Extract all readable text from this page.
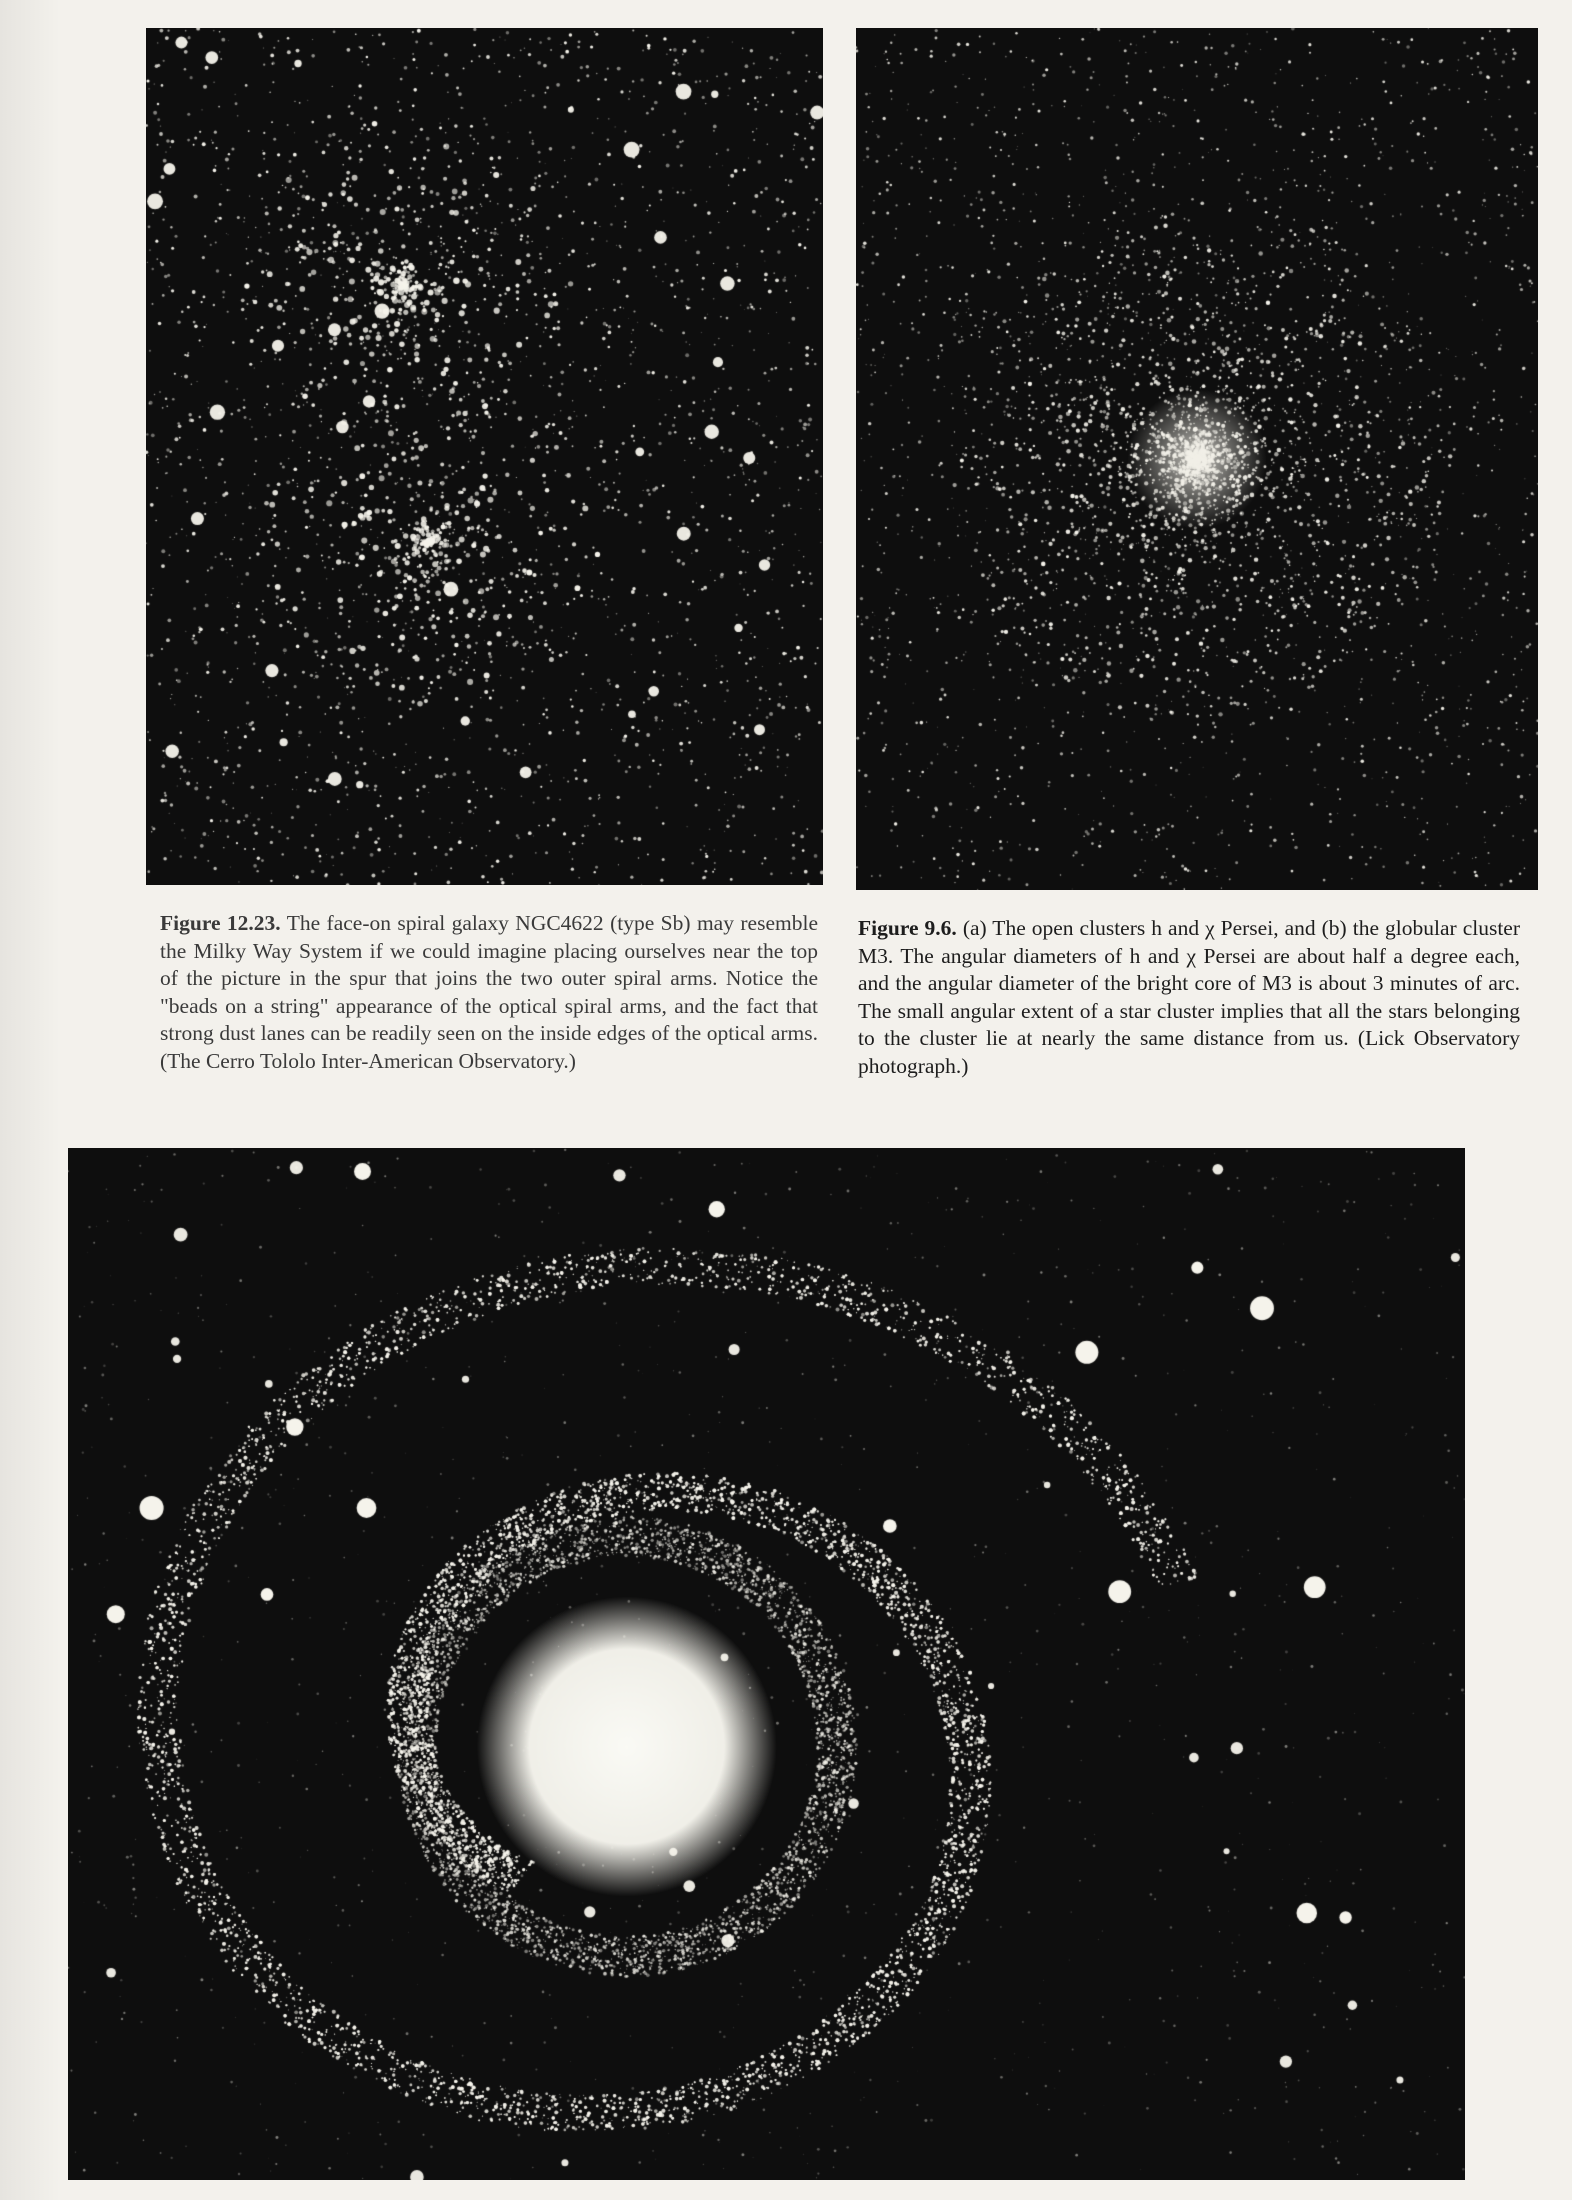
Figure 12.23. The face-on spiral galaxy NGC4622 (type Sb) may resemble the Milky Way System if we could imagine placing ourselves near the top of the picture in the spur that joins the two outer spiral arms. Notice the "beads on a string" appearance of the optical spiral arms, and the fact that strong dust lanes can be readily seen on the inside edges of the optical arms. (The Cerro Tololo Inter-American Observatory.)
Figure 9.6. (a) The open clusters h and χ Persei, and (b) the globular cluster M3. The angular diameters of h and χ Persei are about half a degree each, and the angular diameter of the bright core of M3 is about 3 minutes of arc. The small angular extent of a star cluster implies that all the stars belonging to the cluster lie at nearly the same distance from us. (Lick Observatory photograph.)
